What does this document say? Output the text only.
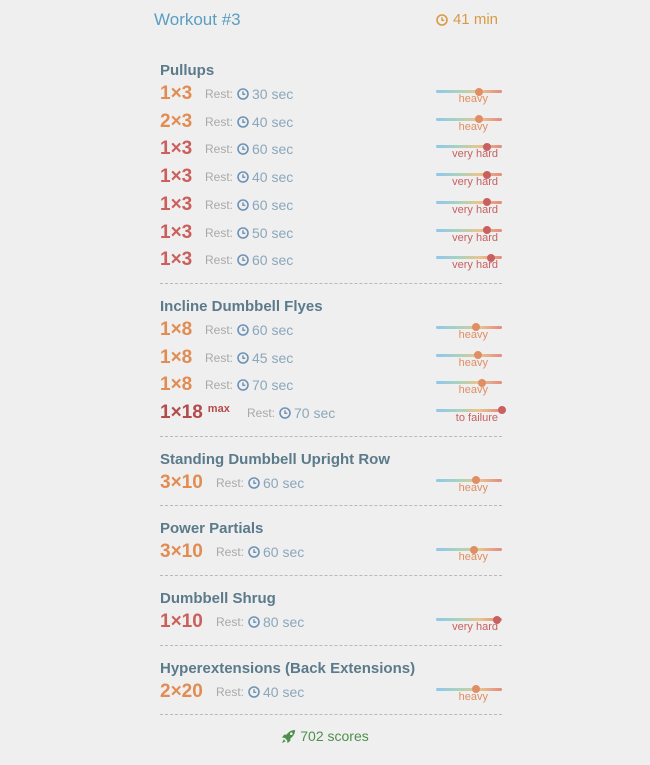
Workout #3	41 min
Pullups
1×3 Rest: 30 sec	heavy
2×3 Rest: 40 sec	heavy
1×3 Rest: 60 sec	very hard
1×3 Rest: 40 sec	very hard
1×3 Rest: 60 sec	very hard
1×3 Rest: 50 sec	very hard
1×3 Rest: 60 sec	very hard
Incline Dumbbell Flyes
1×8 Rest: 60 sec	heavy
1×8 Rest: 45 sec	heavy
1×8 Rest: 70 sec	heavy
1×18 $^{max}$ Rest: 70 sec	to failure
Standing Dumbbell Upright Row
3×10 Rest: 60 sec	heavy
Power Partials
3×10 Rest: 60 sec	heavy
Dumbbell Shrug
1×10 Rest: 80 sec	very hard
Hyperextensions (Back Extensions)
2×20 Rest: 40 sec	heavy
702 scores
